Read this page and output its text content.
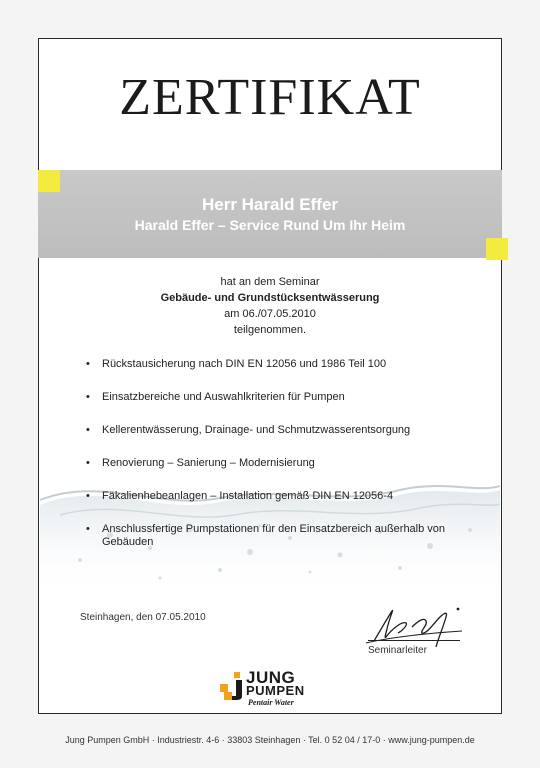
ZERTIFIKAT
Herr Harald Effer
Harald Effer – Service Rund Um Ihr Heim
hat an dem Seminar
Gebäude- und Grundstücksentwässerung
am 06./07.05.2010
teilgenommen.
• Rückstausicherung nach DIN EN 12056 und 1986 Teil 100
• Einsatzbereiche und Auswahlkriterien für Pumpen
• Kellerentwässerung, Drainage- und Schmutzwasserentsorgung
• Renovierung – Sanierung – Modernisierung
• Fäkalienhebeanlagen – Installation gemäß DIN EN 12056-4
• Anschlussfertige Pumpstationen für den Einsatzbereich außerhalb von Gebäuden
Steinhagen, den 07.05.2010
Seminarleiter
JUNG
PUMPEN
Pentair Water
Jung Pumpen GmbH · Industriestr. 4-6 · 33803 Steinhagen · Tel. 0 52 04 / 17-0 · www.jung-pumpen.de
